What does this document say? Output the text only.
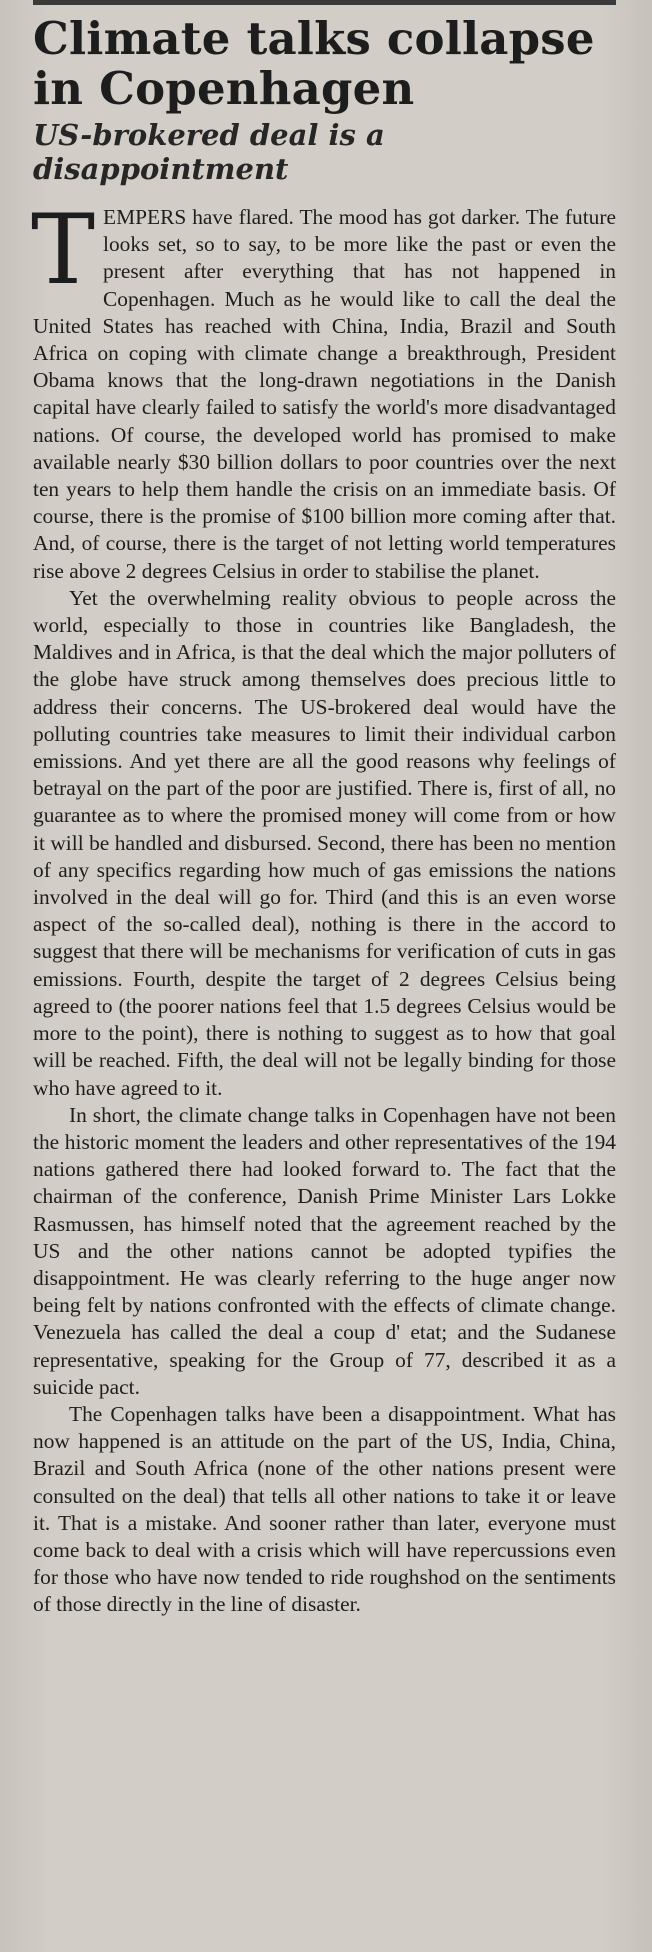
Climate talks collapse in Copenhagen
US-brokered deal is a disappointment

TEMPERS have flared. The mood has got darker. The future looks set, so to say, to be more like the past or even the present after everything that has not happened in Copenhagen. Much as he would like to call the deal the United States has reached with China, India, Brazil and South Africa on coping with climate change a breakthrough, President Obama knows that the long-drawn negotiations in the Danish capital have clearly failed to satisfy the world's more disadvantaged nations. Of course, the developed world has promised to make available nearly $30 billion dollars to poor countries over the next ten years to help them handle the crisis on an immediate basis. Of course, there is the promise of $100 billion more coming after that. And, of course, there is the target of not letting world temperatures rise above 2 degrees Celsius in order to stabilise the planet.

Yet the overwhelming reality obvious to people across the world, especially to those in countries like Bangladesh, the Maldives and in Africa, is that the deal which the major polluters of the globe have struck among themselves does precious little to address their concerns. The US-brokered deal would have the polluting countries take measures to limit their individual carbon emissions. And yet there are all the good reasons why feelings of betrayal on the part of the poor are justified. There is, first of all, no guarantee as to where the promised money will come from or how it will be handled and disbursed. Second, there has been no mention of any specifics regarding how much of gas emissions the nations involved in the deal will go for. Third (and this is an even worse aspect of the so-called deal), nothing is there in the accord to suggest that there will be mechanisms for verification of cuts in gas emissions. Fourth, despite the target of 2 degrees Celsius being agreed to (the poorer nations feel that 1.5 degrees Celsius would be more to the point), there is nothing to suggest as to how that goal will be reached. Fifth, the deal will not be legally binding for those who have agreed to it.

In short, the climate change talks in Copenhagen have not been the historic moment the leaders and other representatives of the 194 nations gathered there had looked forward to. The fact that the chairman of the conference, Danish Prime Minister Lars Lokke Rasmussen, has himself noted that the agreement reached by the US and the other nations cannot be adopted typifies the disappointment. He was clearly referring to the huge anger now being felt by nations confronted with the effects of climate change. Venezuela has called the deal a coup d' etat; and the Sudanese representative, speaking for the Group of 77, described it as a suicide pact.

The Copenhagen talks have been a disappointment. What has now happened is an attitude on the part of the US, India, China, Brazil and South Africa (none of the other nations present were consulted on the deal) that tells all other nations to take it or leave it. That is a mistake. And sooner rather than later, everyone must come back to deal with a crisis which will have repercussions even for those who have now tended to ride roughshod on the sentiments of those directly in the line of disaster.
